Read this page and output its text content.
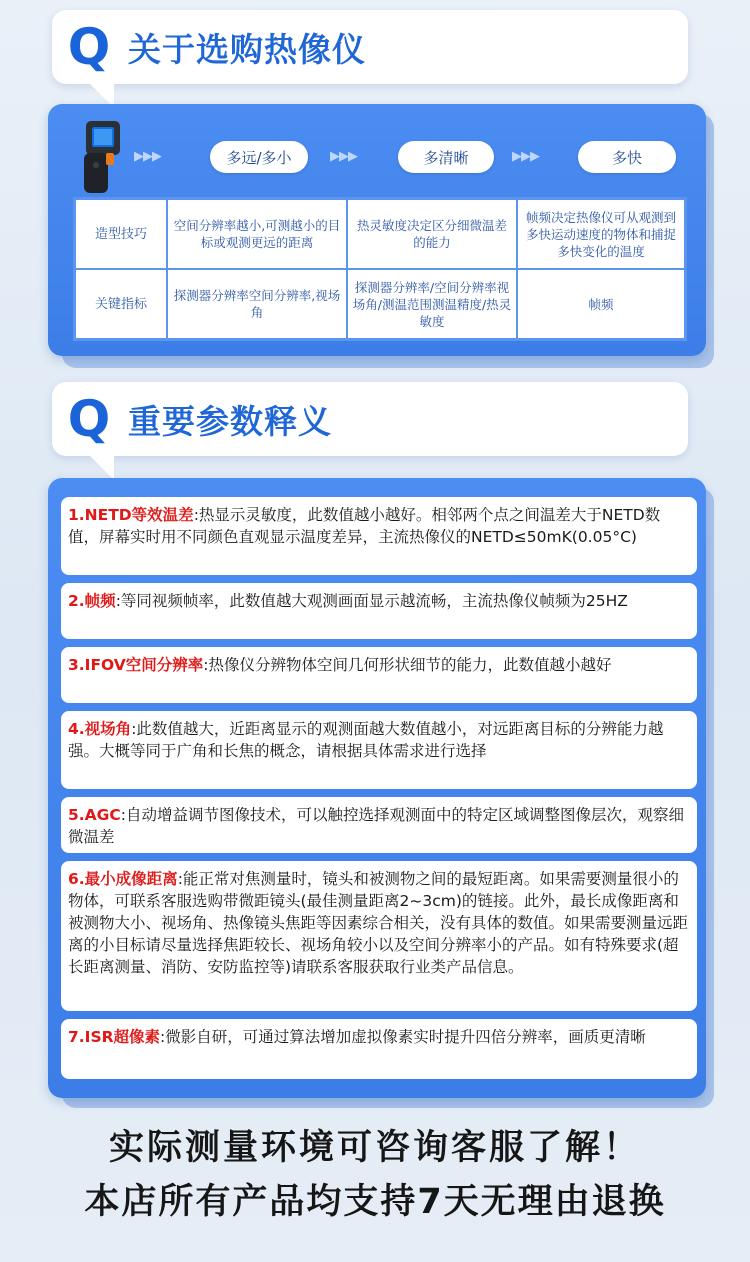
Q 关于选购热像仪
▶▶▶	多远/多小	▶▶▶	多清晰	▶▶▶	多快
造型技巧	空间分辨率越小,可测越小的目标或观测更远的距离	热灵敏度决定区分细微温差的能力	帧频决定热像仪可从观测到多快运动速度的物体和捕捉多快变化的温度
关键指标	探测器分辨率空间分辨率,视场角	探测器分辨率/空间分辨率视场角/测温范围测温精度/热灵敏度	帧频
Q 重要参数释义
1.NETD等效温差:热显示灵敏度，此数值越小越好。相邻两个点之间温差大于NETD数值，屏幕实时用不同颜色直观显示温度差异，主流热像仪的NETD≤50mK(0.05°C)
2.帧频:等同视频帧率，此数值越大观测画面显示越流畅，主流热像仪帧频为25HZ
3.IFOV空间分辨率:热像仪分辨物体空间几何形状细节的能力，此数值越小越好
4.视场角:此数值越大，近距离显示的观测面越大数值越小，对远距离目标的分辨能力越强。大概等同于广角和长焦的概念，请根据具体需求进行选择
5.AGC:自动增益调节图像技术，可以触控选择观测面中的特定区域调整图像层次，观察细微温差
6.最小成像距离:能正常对焦测量时，镜头和被测物之间的最短距离。如果需要测量很小的物体，可联系客服选购带微距镜头(最佳测量距离2~3cm)的链接。此外，最长成像距离和被测物大小、视场角、热像镜头焦距等因素综合相关，没有具体的数值。如果需要测量远距离的小目标请尽量选择焦距较长、视场角较小以及空间分辨率小的产品。如有特殊要求(超长距离测量、消防、安防监控等)请联系客服获取行业类产品信息。
7.ISR超像素:微影自研，可通过算法增加虚拟像素实时提升四倍分辨率，画质更清晰
实际测量环境可咨询客服了解！
本店所有产品均支持7天无理由退换
